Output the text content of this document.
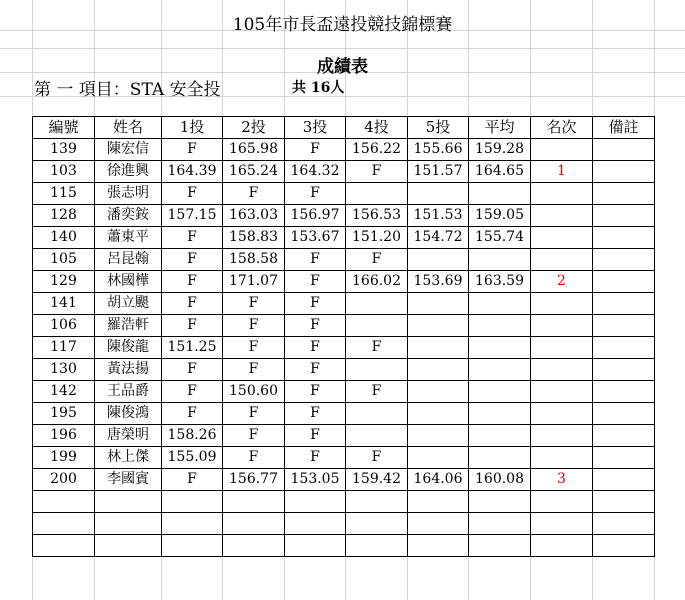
105年市長盃遠投競技錦標賽
成績表
第 一 項目：STA 安全投	共 16人
編號	姓名	1投	2投	3投	4投	5投	平均	名次	備註
139	陳宏信	F	165.98	F	156.22	155.66	159.28		
103	徐進興	164.39	165.24	164.32	F	151.57	164.65	1	
115	張志明	F	F	F					
128	潘奕銨	157.15	163.03	156.97	156.53	151.53	159.05		
140	蕭東平	F	158.83	153.67	151.20	154.72	155.74		
105	呂昆翰	F	158.58	F	F				
129	林國樺	F	171.07	F	166.02	153.69	163.59	2	
141	胡立颶	F	F	F					
106	羅浩軒	F	F	F					
117	陳俊龍	151.25	F	F	F				
130	黃法揚	F	F	F					
142	王品爵	F	150.60	F	F				
195	陳俊鴻	F	F	F					
196	唐榮明	158.26	F	F					
199	林上傑	155.09	F	F	F				
200	李國賓	F	156.77	153.05	159.42	164.06	160.08	3	
